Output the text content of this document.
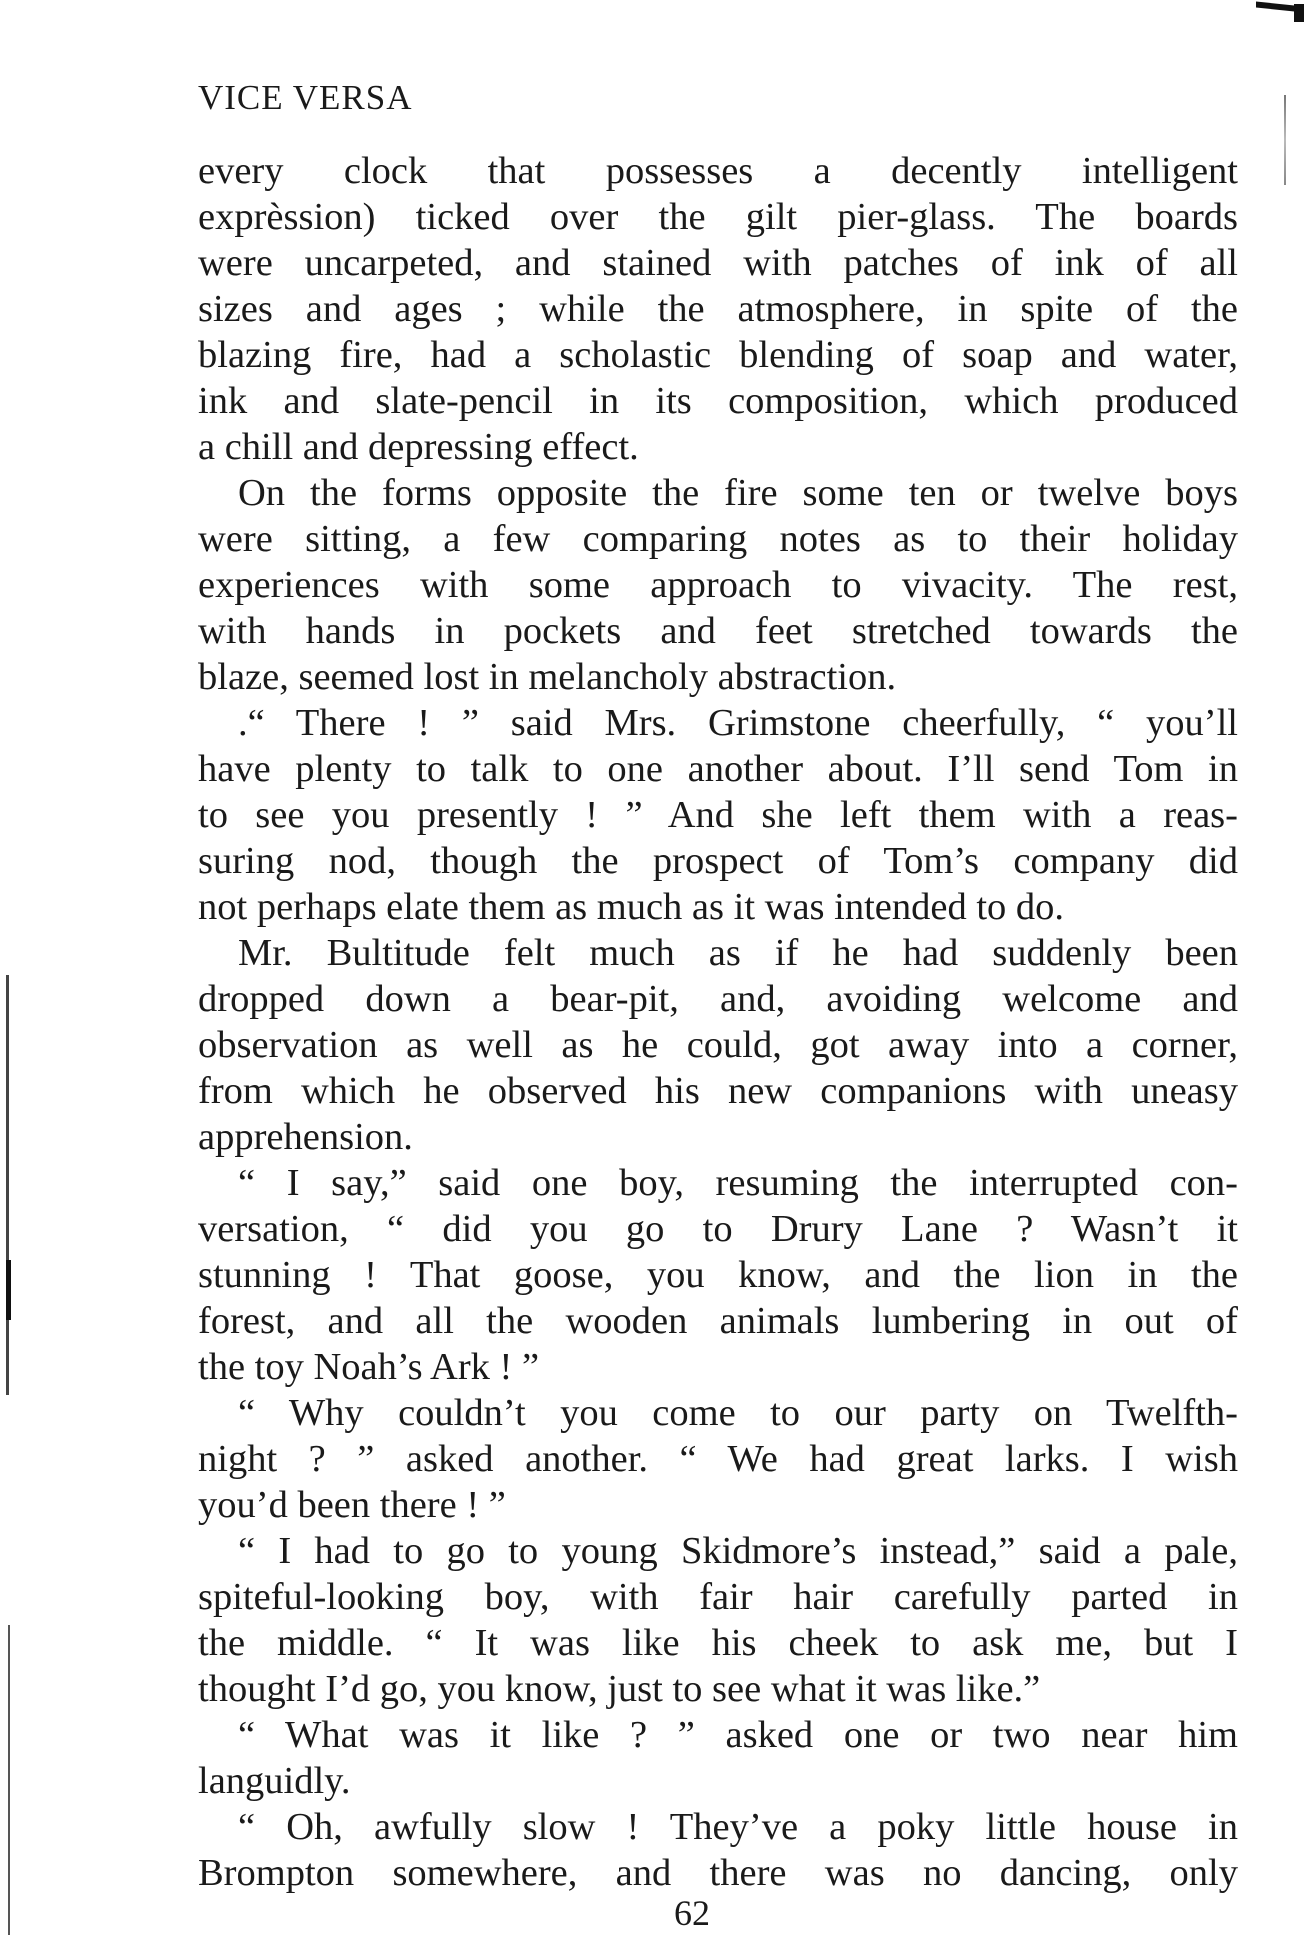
VICE VERSA

every clock that possesses a decently intelligent
exprèssion) ticked over the gilt pier-glass. The boards
were uncarpeted, and stained with patches of ink of all
sizes and ages ; while the atmosphere, in spite of the
blazing fire, had a scholastic blending of soap and water,
ink and slate-pencil in its composition, which produced
a chill and depressing effect.

On the forms opposite the fire some ten or twelve boys
were sitting, a few comparing notes as to their holiday
experiences with some approach to vivacity. The rest,
with hands in pockets and feet stretched towards the
blaze, seemed lost in melancholy abstraction.

.“ There ! ” said Mrs. Grimstone cheerfully, “ you’ll
have plenty to talk to one another about. I’ll send Tom in
to see you presently ! ” And she left them with a reas-
suring nod, though the prospect of Tom’s company did
not perhaps elate them as much as it was intended to do.

Mr. Bultitude felt much as if he had suddenly been
dropped down a bear-pit, and, avoiding welcome and
observation as well as he could, got away into a corner,
from which he observed his new companions with uneasy
apprehension.

“ I say,” said one boy, resuming the interrupted con-
versation, “ did you go to Drury Lane ? Wasn’t it
stunning ! That goose, you know, and the lion in the
forest, and all the wooden animals lumbering in out of
the toy Noah’s Ark ! ”

“ Why couldn’t you come to our party on Twelfth-
night ? ” asked another. “ We had great larks. I wish
you’d been there ! ”

“ I had to go to young Skidmore’s instead,” said a pale,
spiteful-looking boy, with fair hair carefully parted in
the middle. “ It was like his cheek to ask me, but I
thought I’d go, you know, just to see what it was like.”

“ What was it like ? ” asked one or two near him
languidly.

“ Oh, awfully slow ! They’ve a poky little house in
Brompton somewhere, and there was no dancing, only

62
